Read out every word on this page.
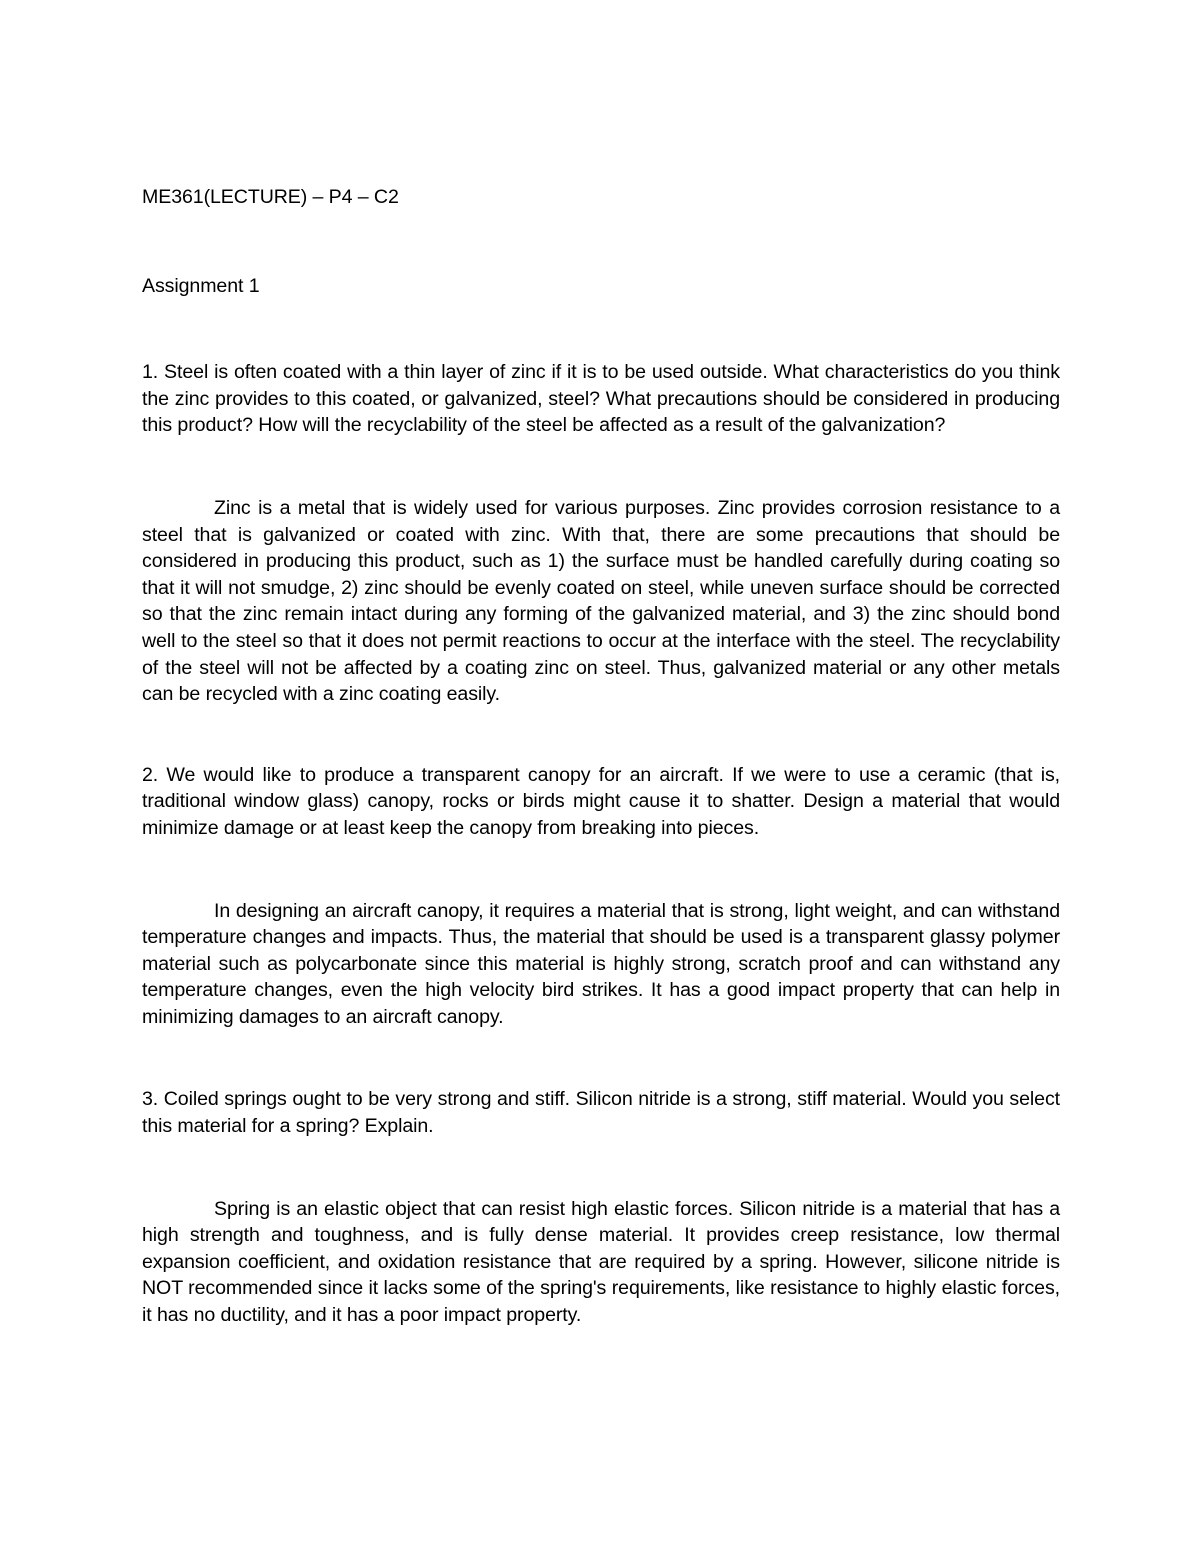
ME361(LECTURE) – P4 – C2

Assignment 1

1. Steel is often coated with a thin layer of zinc if it is to be used outside. What characteristics do you think the zinc provides to this coated, or galvanized, steel? What precautions should be considered in producing this product? How will the recyclability of the steel be affected as a result of the galvanization?

Zinc is a metal that is widely used for various purposes. Zinc provides corrosion resistance to a steel that is galvanized or coated with zinc. With that, there are some precautions that should be considered in producing this product, such as 1) the surface must be handled carefully during coating so that it will not smudge, 2) zinc should be evenly coated on steel, while uneven surface should be corrected so that the zinc remain intact during any forming of the galvanized material, and 3) the zinc should bond well to the steel so that it does not permit reactions to occur at the interface with the steel. The recyclability of the steel will not be affected by a coating zinc on steel. Thus, galvanized material or any other metals can be recycled with a zinc coating easily.

2. We would like to produce a transparent canopy for an aircraft. If we were to use a ceramic (that is, traditional window glass) canopy, rocks or birds might cause it to shatter. Design a material that would minimize damage or at least keep the canopy from breaking into pieces.

In designing an aircraft canopy, it requires a material that is strong, light weight, and can withstand temperature changes and impacts. Thus, the material that should be used is a transparent glassy polymer material such as polycarbonate since this material is highly strong, scratch proof and can withstand any temperature changes, even the high velocity bird strikes. It has a good impact property that can help in minimizing damages to an aircraft canopy.

3. Coiled springs ought to be very strong and stiff. Silicon nitride is a strong, stiff material. Would you select this material for a spring? Explain.

Spring is an elastic object that can resist high elastic forces. Silicon nitride is a material that has a high strength and toughness, and is fully dense material. It provides creep resistance, low thermal expansion coefficient, and oxidation resistance that are required by a spring. However, silicone nitride is NOT recommended since it lacks some of the spring's requirements, like resistance to highly elastic forces, it has no ductility, and it has a poor impact property.
